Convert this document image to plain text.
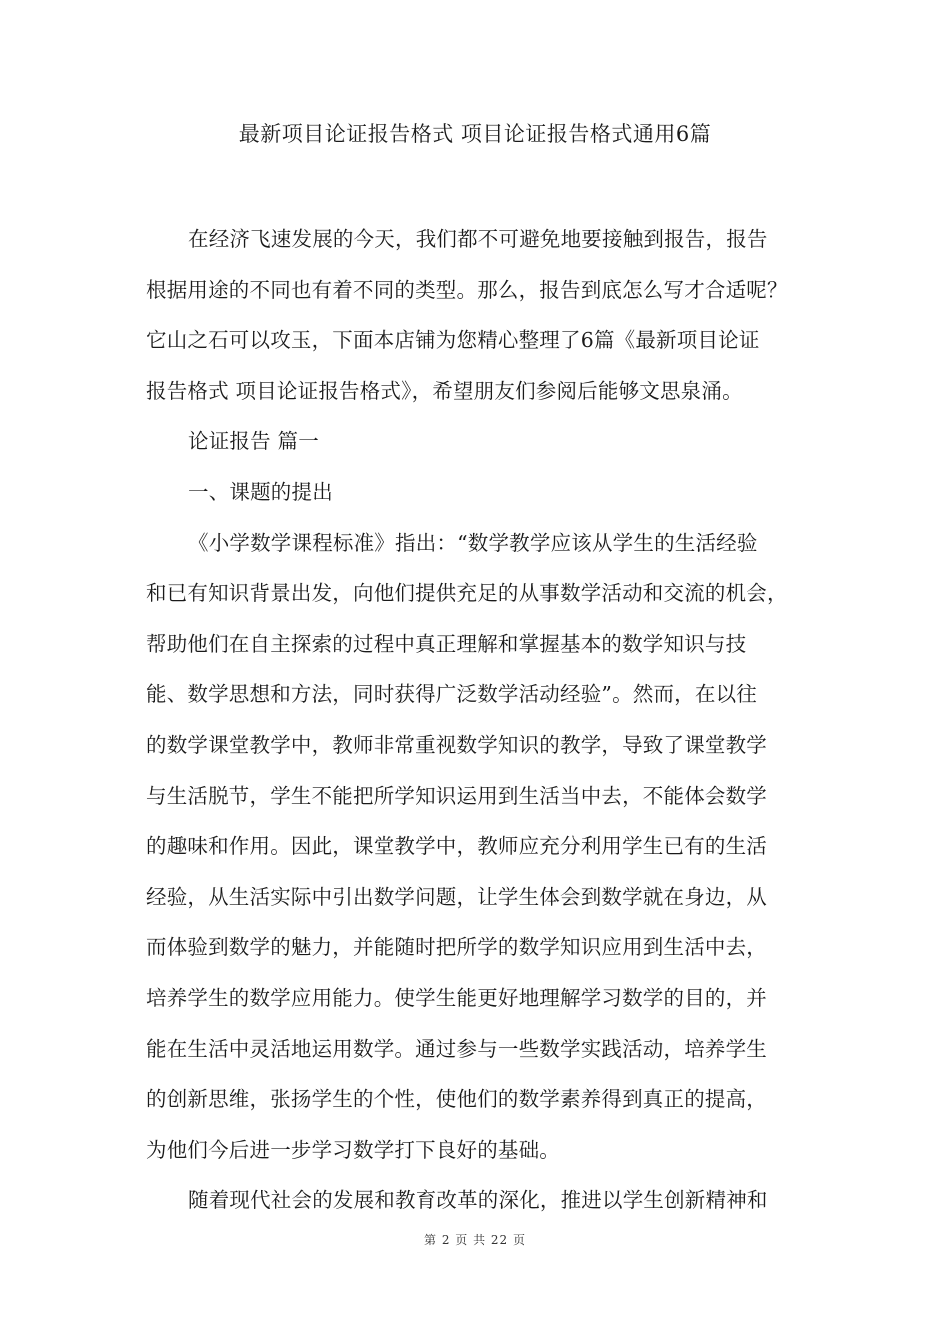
最新项目论证报告格式 项目论证报告格式通用6篇
在经济飞速发展的今天，我们都不可避免地要接触到报告，报告
根据用途的不同也有着不同的类型。那么，报告到底怎么写才合适呢？
它山之石可以攻玉，下面本店铺为您精心整理了6篇《最新项目论证
报告格式 项目论证报告格式》，希望朋友们参阅后能够文思泉涌。
论证报告 篇一
一、课题的提出
《小学数学课程标准》指出：“数学教学应该从学生的生活经验
和已有知识背景出发，向他们提供充足的从事数学活动和交流的机会，
帮助他们在自主探索的过程中真正理解和掌握基本的数学知识与技
能、数学思想和方法，同时获得广泛数学活动经验”。然而，在以往
的数学课堂教学中，教师非常重视数学知识的教学，导致了课堂教学
与生活脱节，学生不能把所学知识运用到生活当中去，不能体会数学
的趣味和作用。因此，课堂教学中，教师应充分利用学生已有的生活
经验，从生活实际中引出数学问题，让学生体会到数学就在身边，从
而体验到数学的魅力，并能随时把所学的数学知识应用到生活中去，
培养学生的数学应用能力。使学生能更好地理解学习数学的目的，并
能在生活中灵活地运用数学。通过参与一些数学实践活动，培养学生
的创新思维，张扬学生的个性，使他们的数学素养得到真正的提高，
为他们今后进一步学习数学打下良好的基础。
随着现代社会的发展和教育改革的深化，推进以学生创新精神和
第 2 页 共 22 页
